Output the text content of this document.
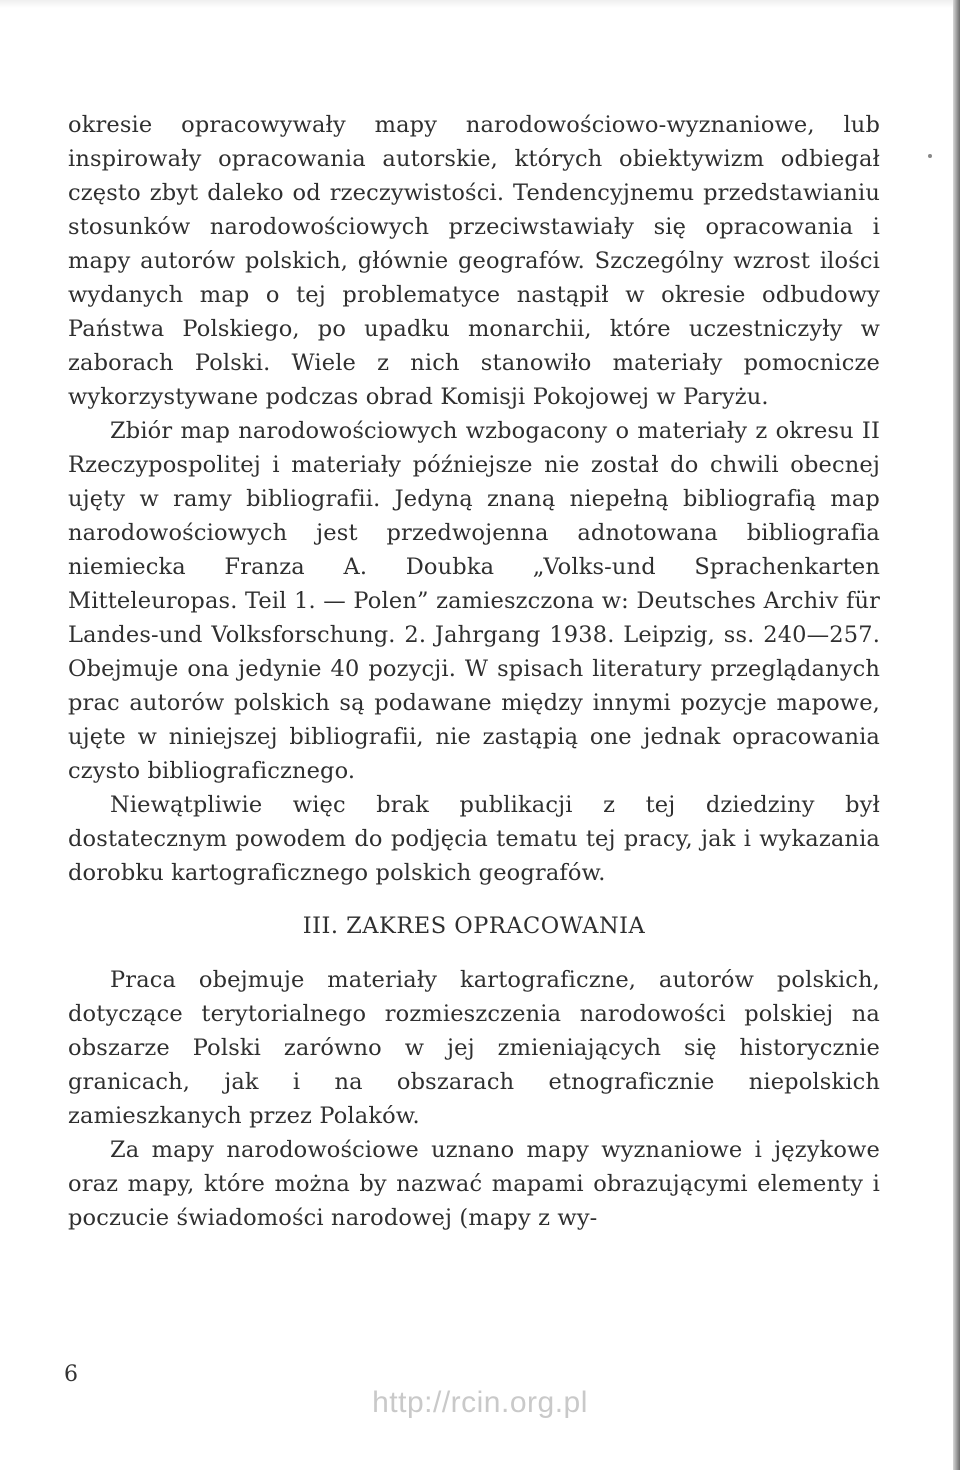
okresie opracowywały mapy narodowościowo-wyznaniowe, lub inspirowały opracowania autorskie, których obiektywizm odbiegał często zbyt daleko od rzeczywistości. Tendencyjnemu przedstawianiu stosunków narodowościowych przeciwstawiały się opracowania i mapy autorów polskich, głównie geografów. Szczególny wzrost ilości wydanych map o tej problematyce nastąpił w okresie odbudowy Państwa Polskiego, po upadku monarchii, które uczestniczyły w zaborach Polski. Wiele z nich stanowiło materiały pomocnicze wykorzystywane podczas obrad Komisji Pokojowej w Paryżu.

Zbiór map narodowościowych wzbogacony o materiały z okresu II Rzeczypospolitej i materiały późniejsze nie został do chwili obecnej ujęty w ramy bibliografii. Jedyną znaną niepełną bibliografią map narodowościowych jest przedwojenna adnotowana bibliografia niemiecka Franza A. Doubka „Volks-und Sprachenkarten Mitteleuropas. Teil 1. — Polen” zamieszczona w: Deutsches Archiv für Landes-und Volksforschung. 2. Jahrgang 1938. Leipzig, ss. 240—257. Obejmuje ona jedynie 40 pozycji. W spisach literatury przeglądanych prac autorów polskich są podawane między innymi pozycje mapowe, ujęte w niniejszej bibliografii, nie zastąpią one jednak opracowania czysto bibliograficznego.

Niewątpliwie więc brak publikacji z tej dziedziny był dostatecznym powodem do podjęcia tematu tej pracy, jak i wykazania dorobku kartograficznego polskich geografów.

III. ZAKRES OPRACOWANIA

Praca obejmuje materiały kartograficzne, autorów polskich, dotyczące terytorialnego rozmieszczenia narodowości polskiej na obszarze Polski zarówno w jej zmieniających się historycznie granicach, jak i na obszarach etnograficznie niepolskich zamieszkanych przez Polaków.

Za mapy narodowościowe uznano mapy wyznaniowe i językowe oraz mapy, które można by nazwać mapami obrazującymi elementy i poczucie świadomości narodowej (mapy z wy-

6
http://rcin.org.pl
